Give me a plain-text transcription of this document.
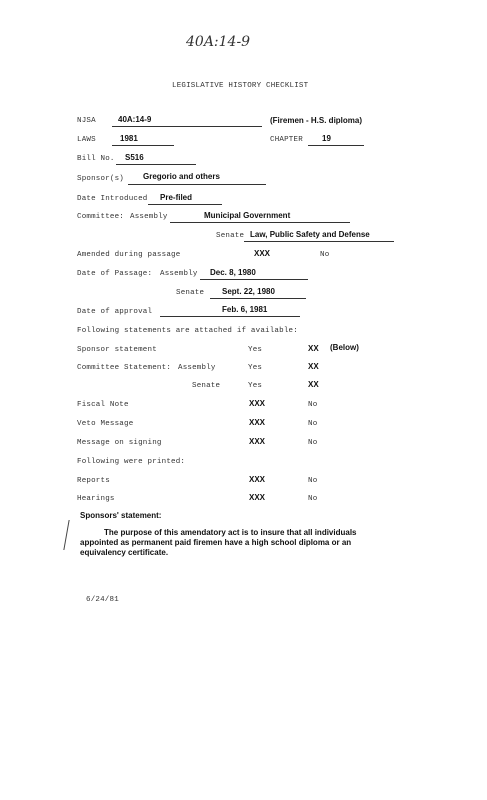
40A:14-9
LEGISLATIVE HISTORY CHECKLIST
NJSA	40A:14-9	(Firemen - H.S. diploma)
LAWS	1981	CHAPTER 19
Bill No. S516
Sponsor(s) Gregorio and others
Date Introduced Pre-filed
Committee: Assembly	Municipal Government
Senate Law, Public Safety and Defense
Amended during passage	XXX	No
Date of Passage: Assembly Dec. 8, 1980
Senate Sept. 22, 1980
Date of approval	Feb. 6, 1981
Following statements are attached if available:
Sponsor statement	Yes	XX (Below)
Committee Statement: Assembly	Yes	XX
Senate	Yes	XX
Fiscal Note	XXX	No
Veto Message	XXX	No
Message on signing	XXX	No
Following were printed:
Reports	XXX	No
Hearings	XXX	No
Sponsors' statement:
The purpose of this amendatory act is to insure that all individuals
appointed as permanent paid firemen have a high school diploma or an
equivalency certificate.
6/24/81
